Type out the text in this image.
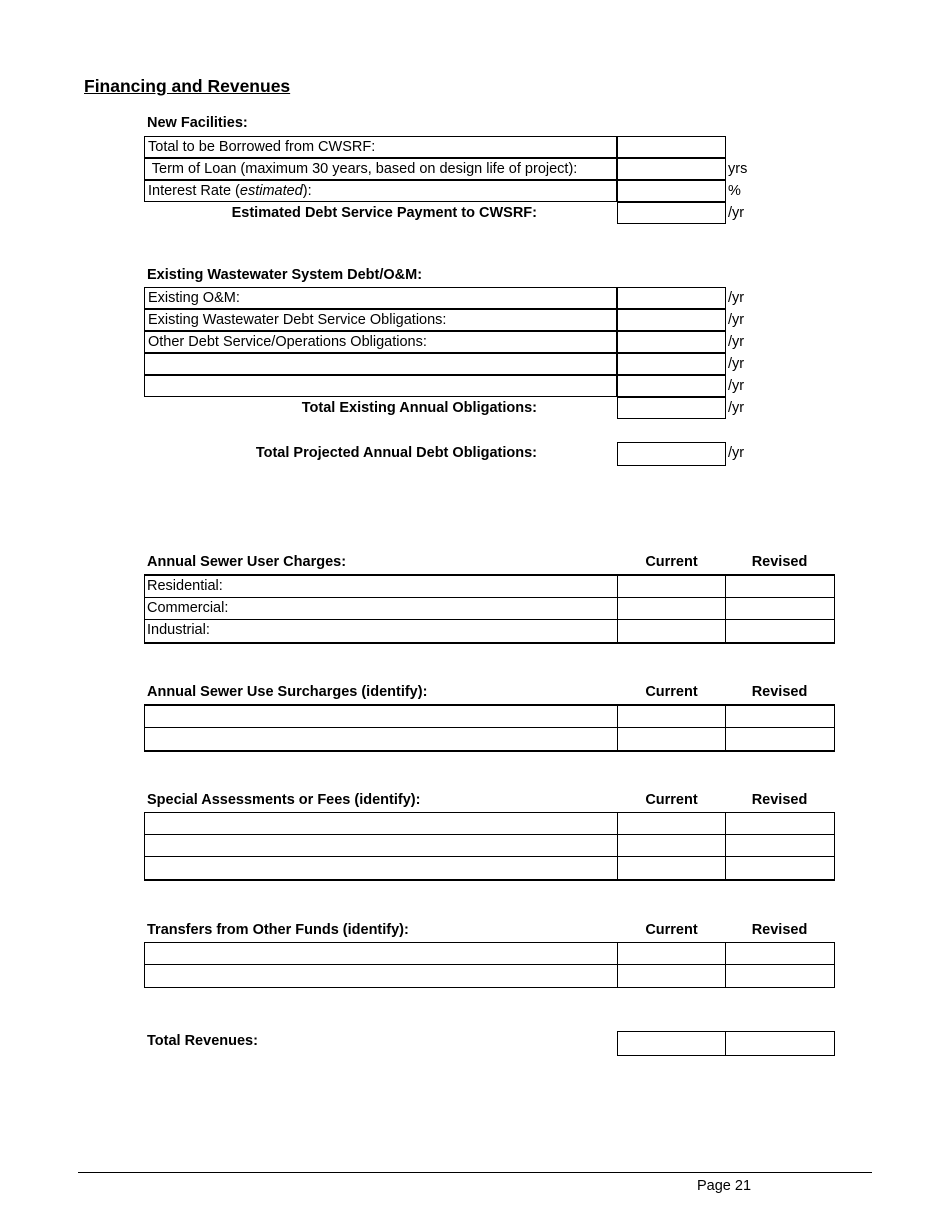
Financing and Revenues
New Facilities:
Total to be Borrowed from CWSRF:
Term of Loan (maximum 30 years, based on design life of project):	yrs
Interest Rate (estimated):	%
Estimated Debt Service Payment to CWSRF:	/yr
Existing Wastewater System Debt/O&M:
Existing O&M:	/yr
Existing Wastewater Debt Service Obligations:	/yr
Other Debt Service/Operations Obligations:	/yr
/yr
/yr
Total Existing Annual Obligations:	/yr
Total Projected Annual Debt Obligations:	/yr
Annual Sewer User Charges:	Current	Revised
Residential:
Commercial:
Industrial:
Annual Sewer Use Surcharges (identify):	Current	Revised
Special Assessments or Fees (identify):	Current	Revised
Transfers from Other Funds (identify):	Current	Revised
Total Revenues:
Page 21
